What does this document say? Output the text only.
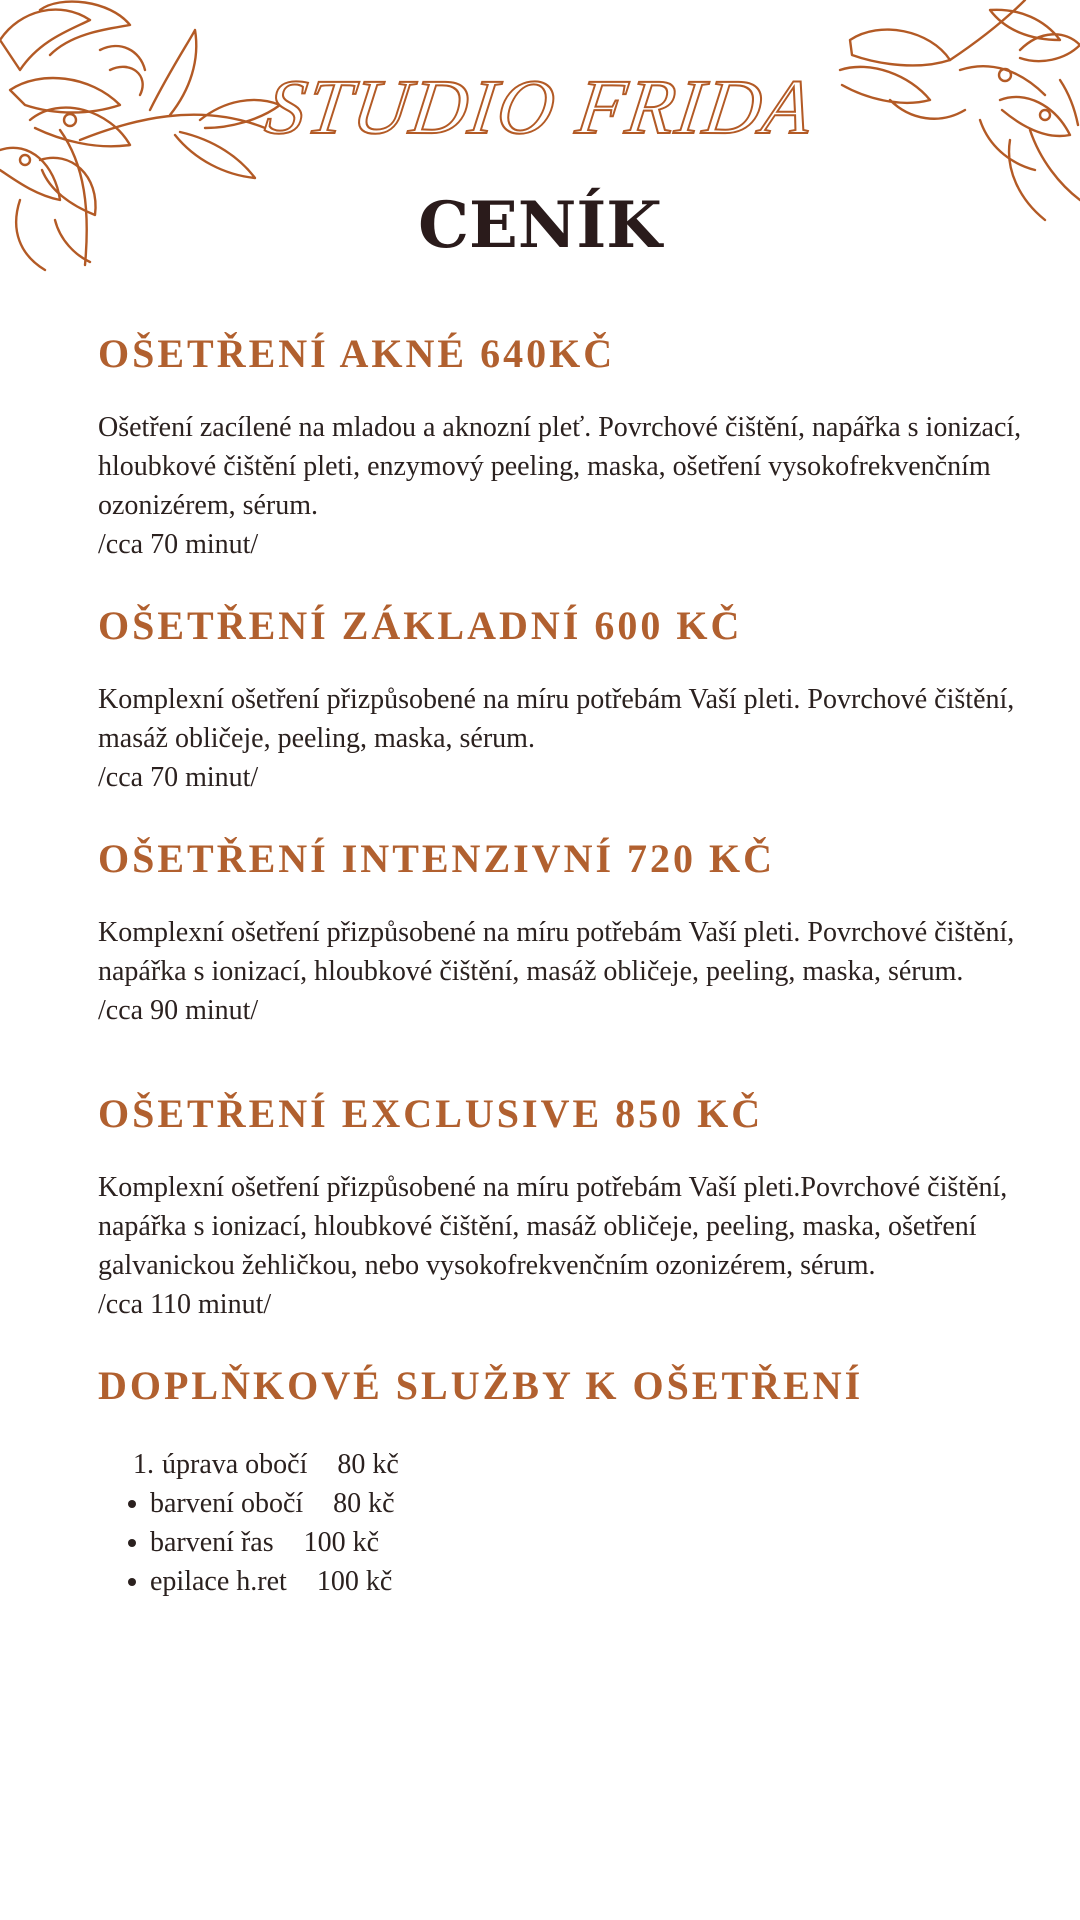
STUDIO FRIDA
CENÍK
OŠETŘENÍ AKNÉ 640KČ

Ošetření zacílené na mladou a aknozní pleť. Povrchové čištění, napářka s ionizací, hloubkové čištění pleti, enzymový peeling, maska, ošetření vysokofrekvenčním ozonizérem, sérum.

/cca 70 minut/

OŠETŘENÍ ZÁKLADNÍ 600 KČ

Komplexní ošetření přizpůsobené na míru potřebám Vaší pleti. Povrchové čištění, masáž obličeje, peeling, maska, sérum.

/cca 70 minut/

OŠETŘENÍ INTENZIVNÍ 720 KČ

Komplexní ošetření přizpůsobené na míru potřebám Vaší pleti. Povrchové čištění, napářka s ionizací, hloubkové čištění, masáž obličeje, peeling, maska, sérum.

/cca 90 minut/

OŠETŘENÍ EXCLUSIVE 850 KČ

Komplexní ošetření přizpůsobené na míru potřebám Vaší pleti.Povrchové čištění, napářka s ionizací, hloubkové čištění, masáž obličeje, peeling, maska, ošetření galvanickou žehličkou, nebo vysokofrekvenčním ozonizérem, sérum.

/cca 110 minut/

DOPLŇKOVÉ SLUŽBY K OŠETŘENÍ
1. úprava obočí 80 kč
barvení obočí 80 kč
barvení řas 100 kč
epilace h.ret 100 kč
